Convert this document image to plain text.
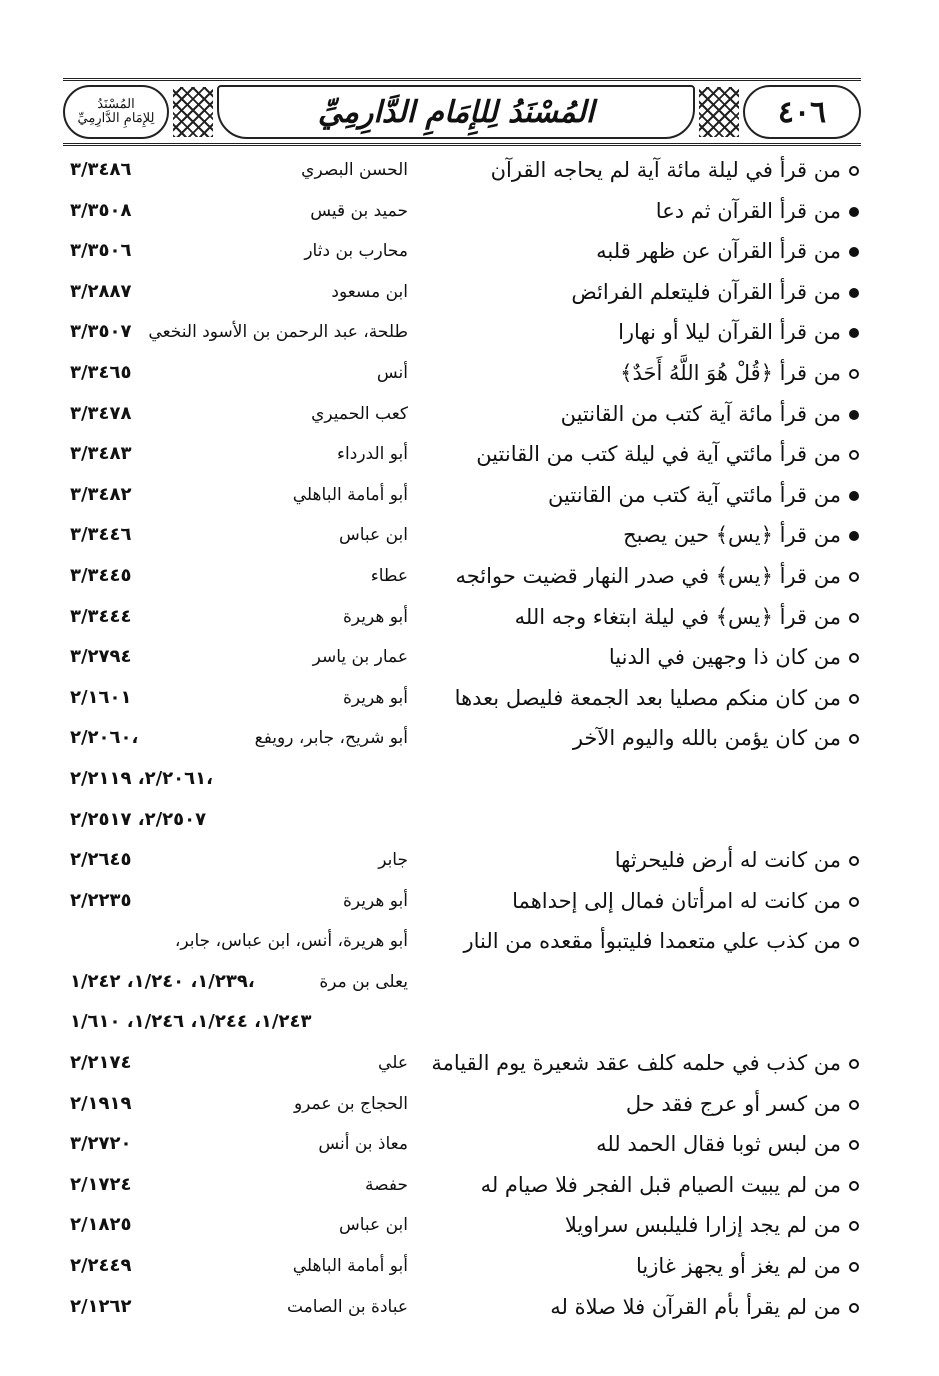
٤٠٦
المُسْنَدُ لِلإِمَامِ الدَّارِمِيِّ
المُسْنَدُ
لِلإِمَامِ الدَّارِمِيِّ
من قرأ في ليلة مائة آية لم يحاجه القرآن
الحسن البصري
٣/٣٤٨٦
من قرأ القرآن ثم دعا
حميد بن قيس
٣/٣٥٠٨
من قرأ القرآن عن ظهر قلبه
محارب بن دثار
٣/٣٥٠٦
من قرأ القرآن فليتعلم الفرائض
ابن مسعود
٣/٢٨٨٧
من قرأ القرآن ليلا أو نهارا
طلحة، عبد الرحمن بن الأسود النخعي
٣/٣٥٠٧
من قرأ ﴿قُلْ هُوَ اللَّهُ أَحَدٌ﴾
أنس
٣/٣٤٦٥
من قرأ مائة آية كتب من القانتين
كعب الحميري
٣/٣٤٧٨
من قرأ مائتي آية في ليلة كتب من القانتين
أبو الدرداء
٣/٣٤٨٣
من قرأ مائتي آية كتب من القانتين
أبو أمامة الباهلي
٣/٣٤٨٢
من قرأ ﴿يس﴾ حين يصبح
ابن عباس
٣/٣٤٤٦
من قرأ ﴿يس﴾ في صدر النهار قضيت حوائجه
عطاء
٣/٣٤٤٥
من قرأ ﴿يس﴾ في ليلة ابتغاء وجه الله
أبو هريرة
٣/٣٤٤٤
من كان ذا وجهين في الدنيا
عمار بن ياسر
٣/٢٧٩٤
من كان منكم مصليا بعد الجمعة فليصل بعدها
أبو هريرة
٢/١٦٠١
من كان يؤمن بالله واليوم الآخر
أبو شريح، جابر، رويفع
٢/٢٠٦٠،
٢/٢٠٦١، ٢/٢١١٩،
٢/٢٥٠٧، ٢/٢٥١٧
من كانت له أرض فليحرثها
جابر
٢/٢٦٤٥
من كانت له امرأتان فمال إلى إحداهما
أبو هريرة
٢/٢٢٣٥
من كذب علي متعمدا فليتبوأ مقعده من النار
أبو هريرة، أنس، ابن عباس، جابر،
يعلى بن مرة
١/٢٣٩، ١/٢٤٠، ١/٢٤٢،
١/٢٤٣، ١/٢٤٤، ١/٢٤٦، ١/٦١٠
من كذب في حلمه كلف عقد شعيرة يوم القيامة
علي
٢/٢١٧٤
من كسر أو عرج فقد حل
الحجاج بن عمرو
٢/١٩١٩
من لبس ثوبا فقال الحمد لله
معاذ بن أنس
٣/٢٧٢٠
من لم يبيت الصيام قبل الفجر فلا صيام له
حفصة
٢/١٧٢٤
من لم يجد إزارا فليلبس سراويلا
ابن عباس
٢/١٨٢٥
من لم يغز أو يجهز غازيا
أبو أمامة الباهلي
٢/٢٤٤٩
من لم يقرأ بأم القرآن فلا صلاة له
عبادة بن الصامت
٢/١٢٦٢
